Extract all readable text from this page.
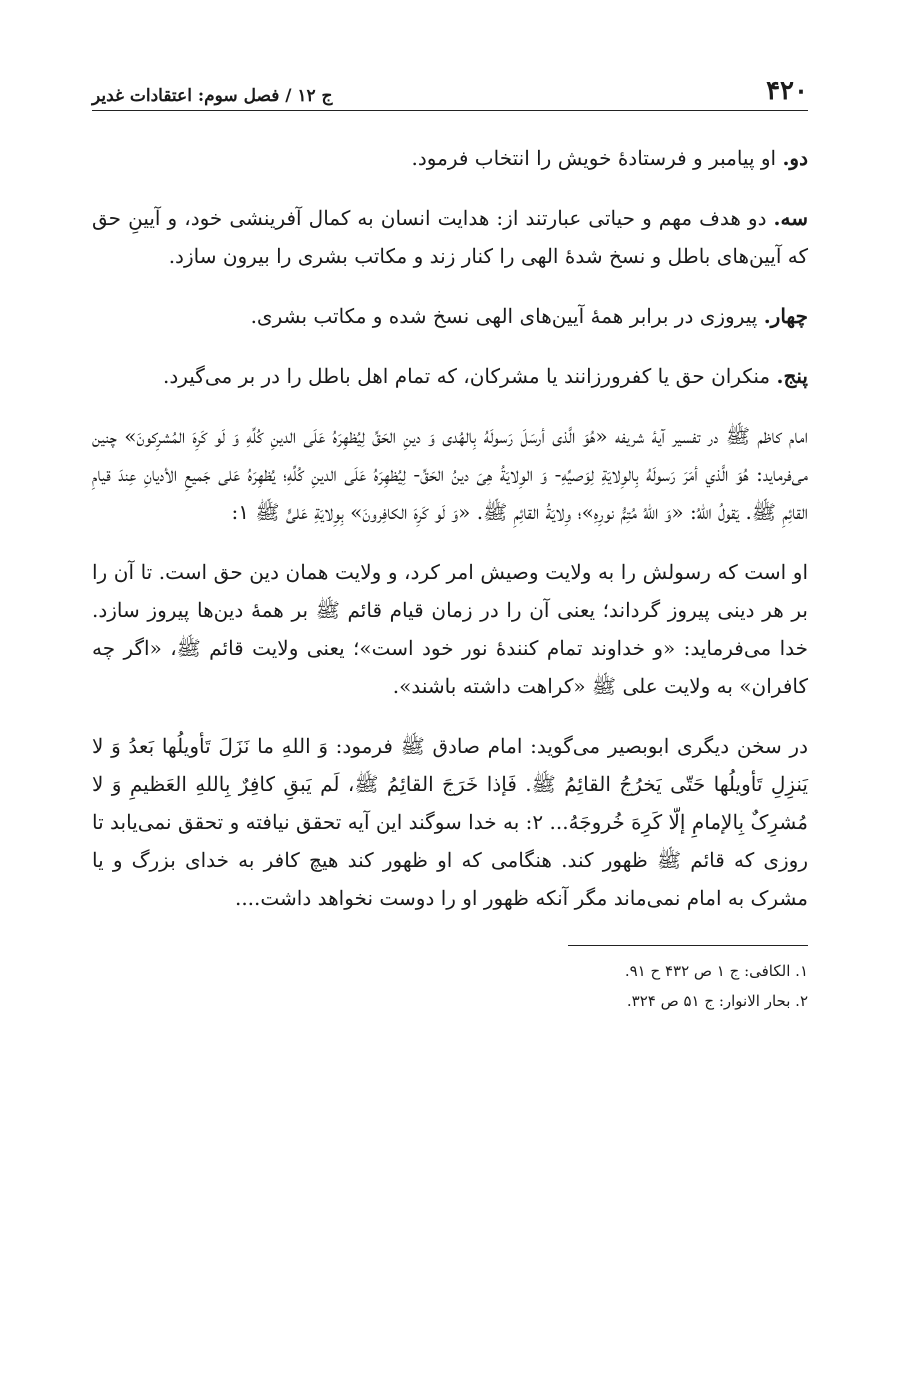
۴۲۰
ج ۱۲ / فصل سوم: اعتقادات غدیر

دو. او پیامبر و فرستادهٔ خویش را انتخاب فرمود.

سه. دو هدف مهم و حیاتی عبارتند از: هدایت انسان به کمال آفرینشی خود، و آیینِ حق که آیین‌های باطل و نسخ شدهٔ الهی را کنار زند و مکاتب بشری را بیرون سازد.

چهار. پیروزی در برابر همهٔ آیین‌های الهی نسخ شده و مکاتب بشری.

پنج. منکران حق یا کفرورزانند یا مشرکان، که تمام اهل باطل را در بر می‌گیرد.

امام کاظم ﷺ در تفسیر آیهٔ شریفه «هُوَ الَّذی أرسَلَ رَسولَهُ بِالهُدی وَ دینِ الحَقِّ لِیُظهِرَهُ عَلَی الدینِ کُلِّهِ وَ لَو کَرِهَ المُشرِکونَ» چنین می‌فرماید: هُوَ الَّذي أمَرَ رَسولَهُ بِالوِلایَةِ لِوَصیِّهِ- وَ الوِلایَةُ هِیَ دینُ الحَقِّ- لِیُظهِرَهُ عَلَی الدینِ کُلِّهِ؛ یُظهِرَهُ عَلی جَمیعِ الأدیانِ عِندَ قیامِ القائِمِ ﷺ. یَقولُ اللهُ: «وَ اللهُ مُتِمُّ نورِهِ»؛ وِلایَةُ القائِمِ ﷺ. «وَ لَو کَرِهَ الکافِرونَ» بِوِلایَةِ عَلیٍّ ﷺ ۱:

او است که رسولش را به ولایت وصیش امر کرد، و ولایت همان دین حق است. تا آن را بر هر دینی پیروز گرداند؛ یعنی آن را در زمان قیام قائم ﷺ بر همهٔ دین‌ها پیروز سازد. خدا می‌فرماید: «و خداوند تمام کنندهٔ نور خود است»؛ یعنی ولایت قائم ﷺ، «اگر چه کافران» به ولایت علی ﷺ «کراهت داشته باشند».

در سخن دیگری ابوبصیر می‌گوید: امام صادق ﷺ فرمود: وَ اللهِ ما نَزَلَ تَأویلُها بَعدُ وَ لا یَنزِلِ تَأویلُها حَتّی یَخرُجُ القائِمُ ﷺ. فَإذا خَرَجَ القائِمُ ﷺ، لَم یَبقِ کافِرٌ بِاللهِ العَظیمِ وَ لا مُشرِکٌ بِالإمامِ إلّا کَرِهَ خُروجَهُ... ۲: به خدا سوگند این آیه تحقق نیافته و تحقق نمی‌یابد تا روزی که قائم ﷺ ظهور کند. هنگامی که او ظهور کند هیچ کافر به خدای بزرگ و یا مشرک به امام نمی‌ماند مگر آنکه ظهور او را دوست نخواهد داشت....

۱. الکافی: ج ۱ ص ۴۳۲ ح ۹۱.

۲. بحار الانوار: ج ۵۱ ص ۳۲۴.
